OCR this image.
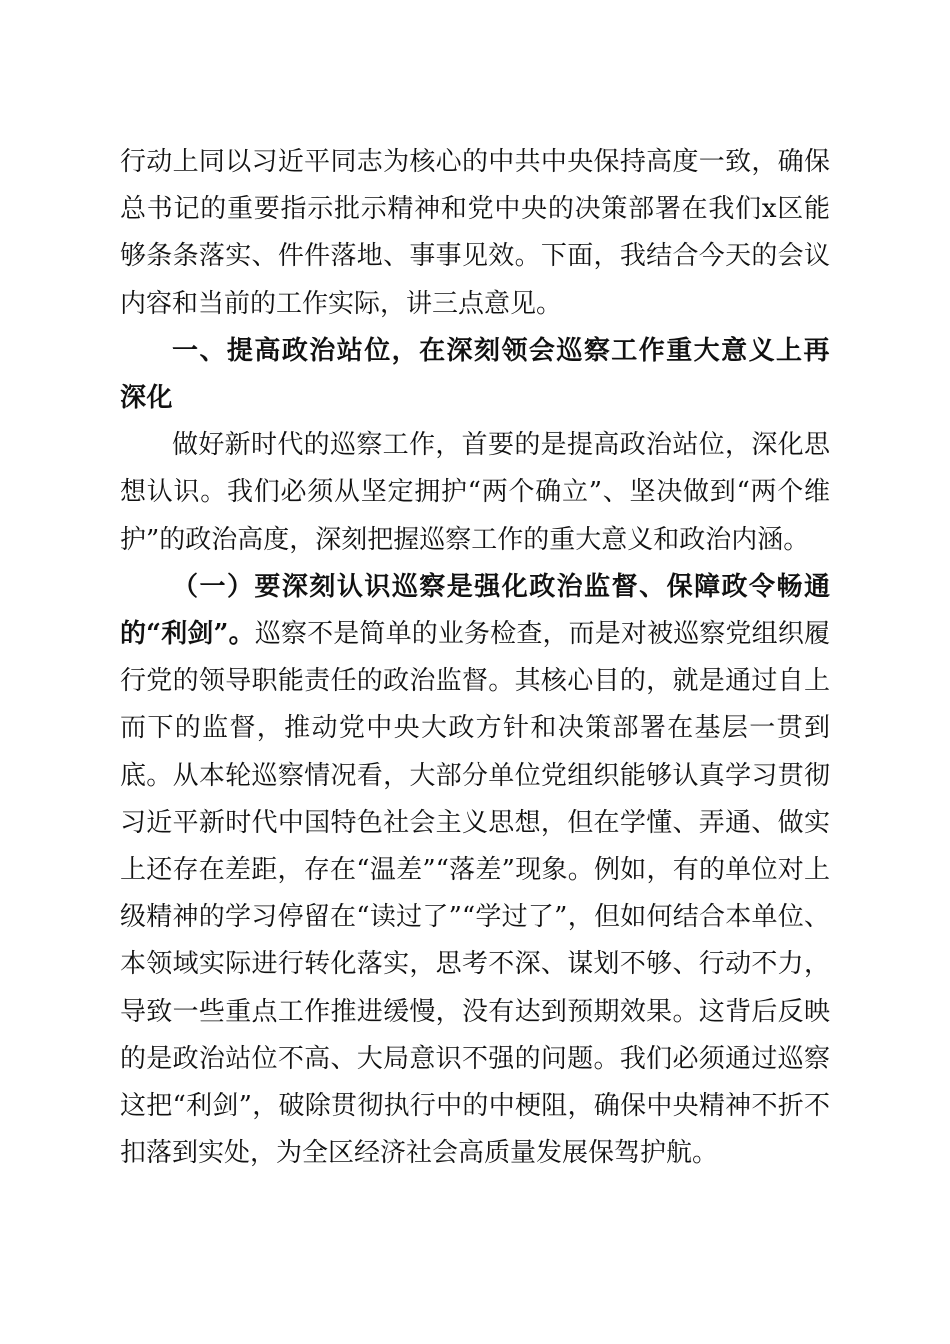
行动上同以习近平同志为核心的中共中央保持高度一致，确保总书记的重要指示批示精神和党中央的决策部署在我们x区能够条条落实、件件落地、事事见效。下面，我结合今天的会议内容和当前的工作实际，讲三点意见。

一、提高政治站位，在深刻领会巡察工作重大意义上再深化

做好新时代的巡察工作，首要的是提高政治站位，深化思想认识。我们必须从坚定拥护“两个确立”、坚决做到“两个维护”的政治高度，深刻把握巡察工作的重大意义和政治内涵。

（一）要深刻认识巡察是强化政治监督、保障政令畅通的“利剑”。巡察不是简单的业务检查，而是对被巡察党组织履行党的领导职能责任的政治监督。其核心目的，就是通过自上而下的监督，推动党中央大政方针和决策部署在基层一贯到底。从本轮巡察情况看，大部分单位党组织能够认真学习贯彻习近平新时代中国特色社会主义思想，但在学懂、弄通、做实上还存在差距，存在“温差”“落差”现象。例如，有的单位对上级精神的学习停留在“读过了”“学过了”，但如何结合本单位、本领域实际进行转化落实，思考不深、谋划不够、行动不力，导致一些重点工作推进缓慢，没有达到预期效果。这背后反映的是政治站位不高、大局意识不强的问题。我们必须通过巡察这把“利剑”，破除贯彻执行中的中梗阻，确保中央精神不折不扣落到实处，为全区经济社会高质量发展保驾护航。
